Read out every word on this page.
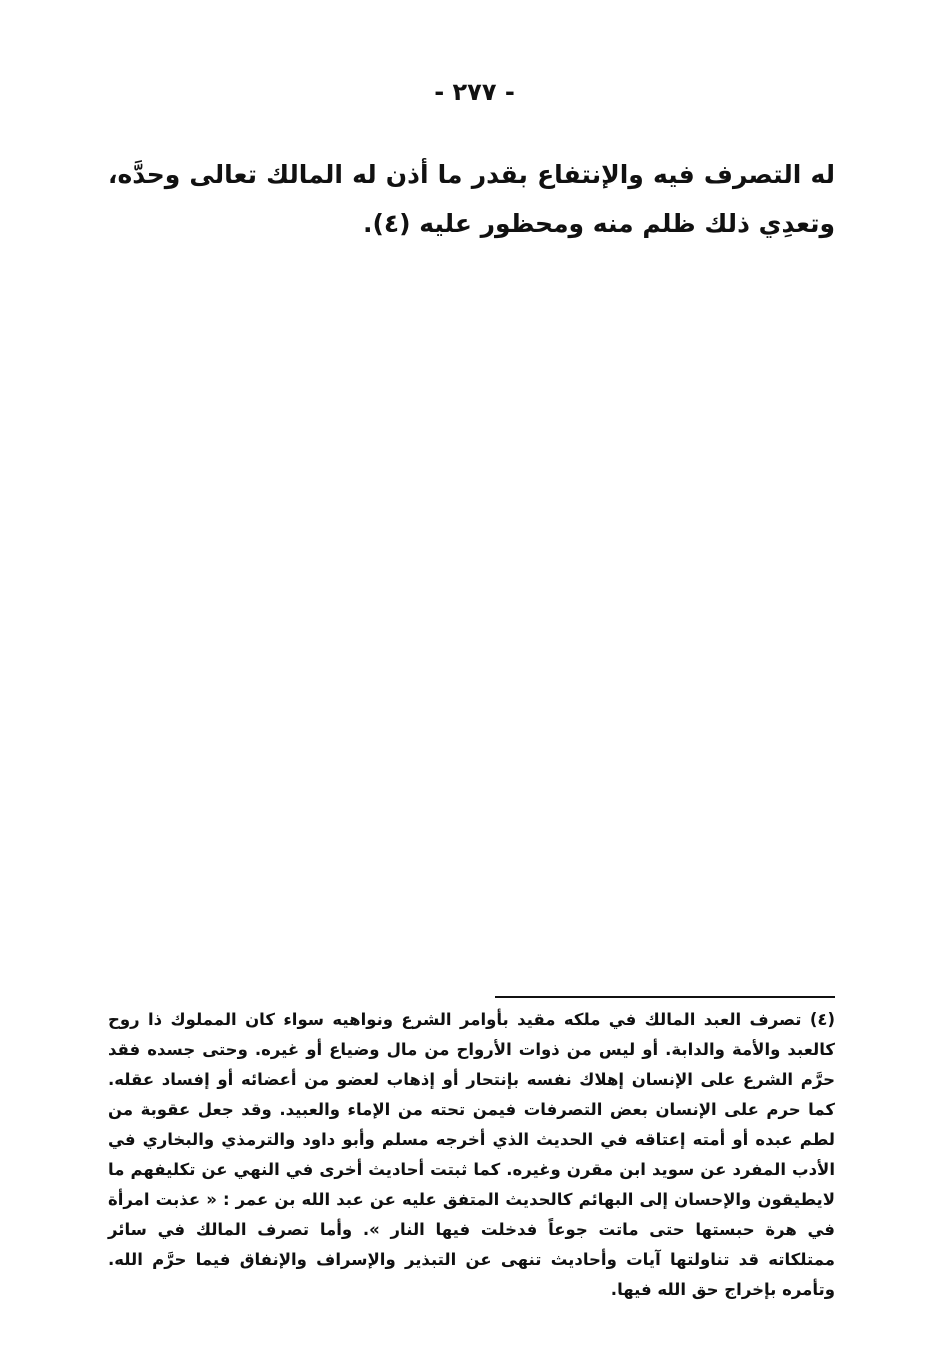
- ٢٧٧ -
له التصرف فيه والإنتفاع بقدر ما أذن له المالك تعالى وحدَّه، وتعدِي ذلك ظلم منه ومحظور عليه (٤).
(٤) تصرف العبد المالك في ملكه مقيد بأوامر الشرع ونواهيه سواء كان المملوك ذا روح كالعبد والأمة والدابة. أو ليس من ذوات الأرواح من مال وضياع أو غيره. وحتى جسده فقد حرَّم الشرع على الإنسان إهلاك نفسه بإنتحار أو إذهاب لعضو من أعضائه أو إفساد عقله. كما حرم على الإنسان بعض التصرفات فيمن تحته من الإماء والعبيد. وقد جعل عقوبة من لطم عبده أو أمته إعتاقه في الحديث الذي أخرجه مسلم وأبو داود والترمذي والبخاري في الأدب المفرد عن سويد ابن مقرن وغيره. كما ثبتت أحاديث أخرى في النهي عن تكليفهم ما لايطيقون والإحسان إلى البهائم كالحديث المتفق عليه عن عبد الله بن عمر : « عذبت امرأة في هرة حبستها حتى ماتت جوعاً فدخلت فيها النار ». وأما تصرف المالك في سائر ممتلكاته قد تناولتها آيات وأحاديث تنهى عن التبذير والإسراف والإنفاق فيما حرَّم الله. وتأمره بإخراج حق الله فيها.
